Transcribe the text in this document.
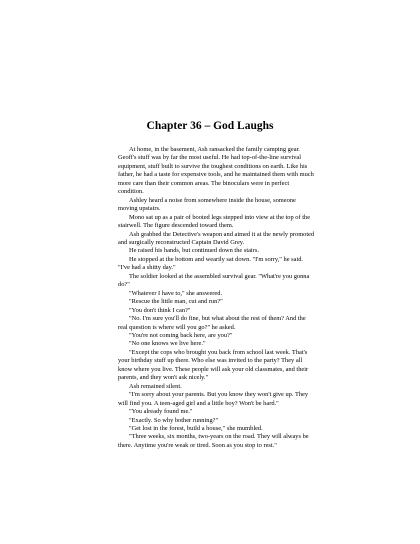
Chapter 36 – God Laughs

At home, in the basement, Ash ransacked the family camping gear. Geoff's stuff was by far the most useful. He had top-of-the-line survival equipment, stuff built to survive the toughest conditions on earth. Like his father, he had a taste for expensive tools, and he maintained them with much more care than their common areas. The binoculars were in perfect condition.

Ashley heard a noise from somewhere inside the house, someone moving upstairs.

Mono sat up as a pair of booted legs stepped into view at the top of the stairwell. The figure descended toward them.

Ash grabbed the Detective's weapon and aimed it at the newly promoted and surgically reconstructed Captain David Grey.

He raised his hands, but continued down the stairs.

He stopped at the bottom and wearily sat down. "I'm sorry," he said. "I've had a shitty day."

The soldier looked at the assembled survival gear. "What're you gonna do?"

"Whatever I have to," she answered.

"Rescue the little man, cut and run?"

"You don't think I can?"

"No. I'm sure you'll do fine, but what about the rest of them? And the real question is where will you go?" he asked.

"You're not coming back here, are you?"

"No one knows we live here."

"Except the cops who brought you back from school last week. That's your birthday stuff up there. Who else was invited to the party? They all know where you live. These people will ask your old classmates, and their parents, and they won't ask nicely."

Ash remained silent.

"I'm sorry about your parents. But you know they won't give up. They will find you. A teen-aged girl and a little boy? Won't be hard."

"You already found me."

"Exactly. So why bother running?"

"Get lost in the forest, build a house," she mumbled.

"Three weeks, six months, two-years on the road. They will always be there. Anytime you're weak or tired. Soon as you stop to rest."
